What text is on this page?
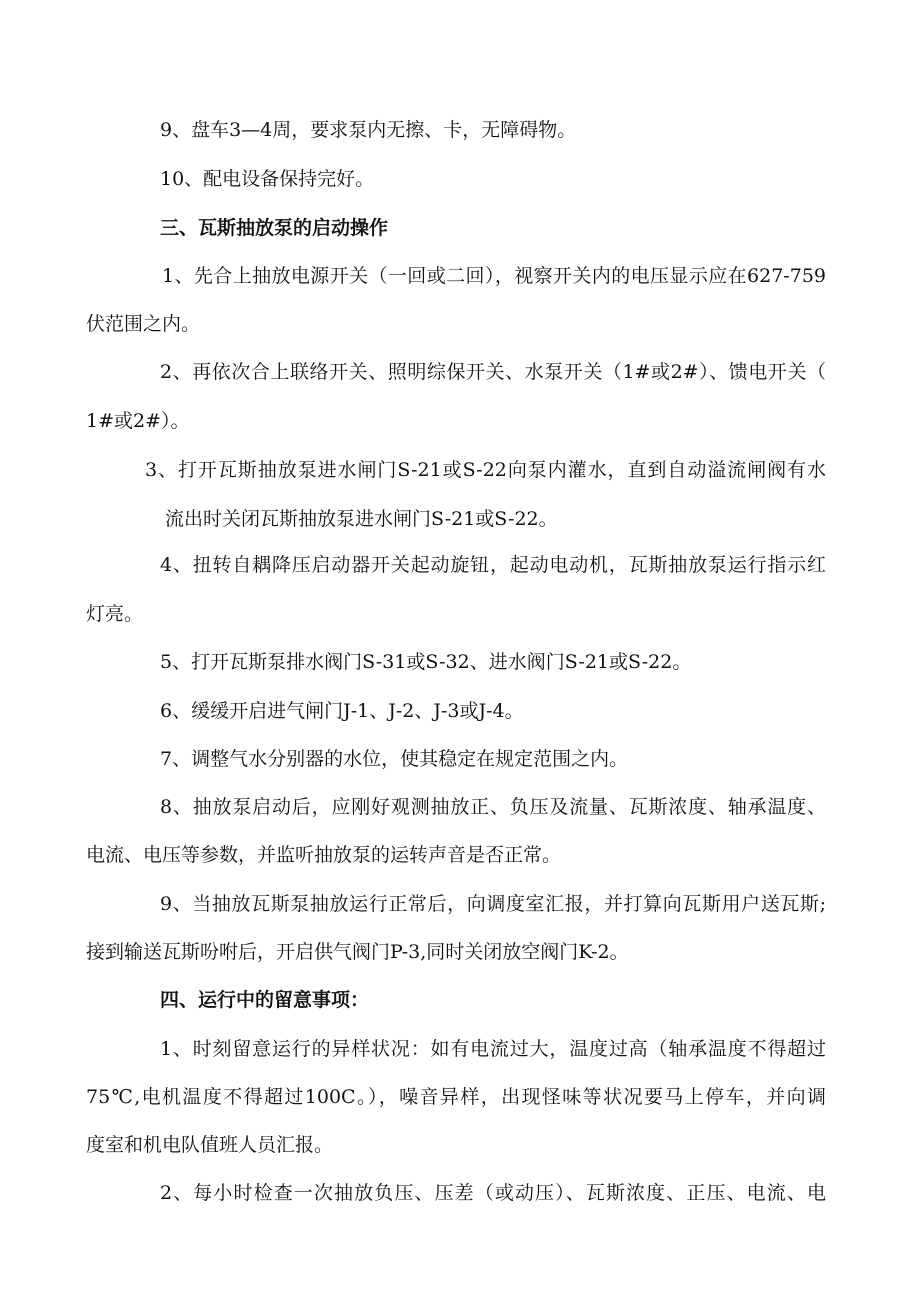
9、盘车3—4周，要求泵内无擦、卡，无障碍物。
10、配电设备保持完好。
三、瓦斯抽放泵的启动操作
1、先合上抽放电源开关（一回或二回），视察开关内的电压显示应在627-759
伏范围之内。
2、再依次合上联络开关、照明综保开关、水泵开关（1#或2#）、馈电开关（
1#或2#）。
3、打开瓦斯抽放泵进水闸门S-21或S-22向泵内灌水，直到自动溢流闸阀有水
流出时关闭瓦斯抽放泵进水闸门S-21或S-22。
4、扭转自耦降压启动器开关起动旋钮，起动电动机，瓦斯抽放泵运行指示红
灯亮。
5、打开瓦斯泵排水阀门S-31或S-32、进水阀门S-21或S-22。
6、缓缓开启进气闸门J-1、J-2、J-3或J-4。
7、调整气水分别器的水位，使其稳定在规定范围之内。
8、抽放泵启动后，应刚好观测抽放正、负压及流量、瓦斯浓度、轴承温度、
电流、电压等参数，并监听抽放泵的运转声音是否正常。
9、当抽放瓦斯泵抽放运行正常后，向调度室汇报，并打算向瓦斯用户送瓦斯;
接到输送瓦斯吩咐后，开启供气阀门P-3,同时关闭放空阀门K-2。
四、运行中的留意事项：
1、时刻留意运行的异样状况：如有电流过大，温度过高（轴承温度不得超过
75℃,电机温度不得超过100C。），噪音异样，出现怪味等状况要马上停车，并向调
度室和机电队值班人员汇报。
2、每小时检查一次抽放负压、压差（或动压）、瓦斯浓度、正压、电流、电
